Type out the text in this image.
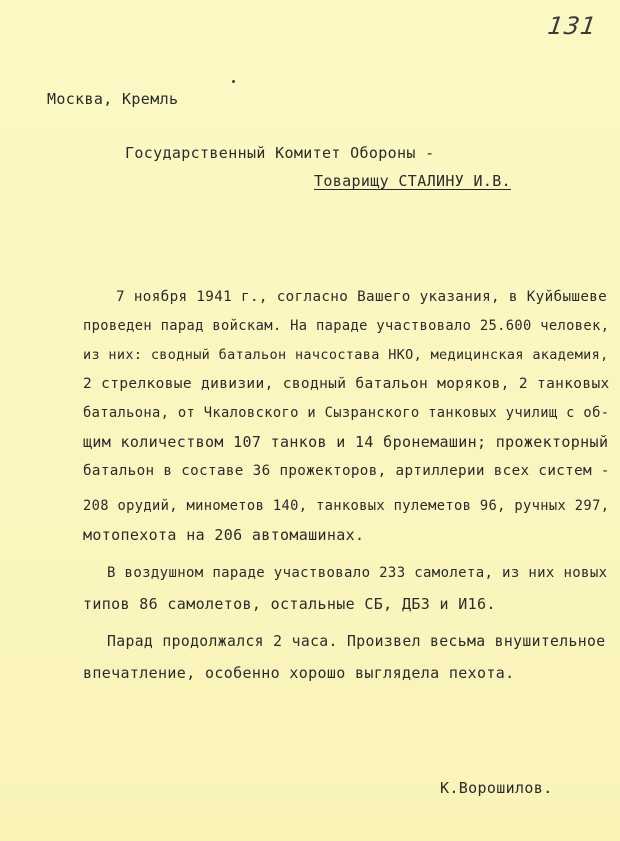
131
Москва, Кремль
Государственный Комитет Обороны -
Товарищу СТАЛИНУ И.В.
7 ноября 1941 г., согласно Вашего указания, в Куйбышеве
проведен парад войскам. На параде участвовало 25.600 человек,
из них: сводный батальон начсостава НКО, медицинская академия,
2 стрелковые дивизии, сводный батальон моряков, 2 танковых
батальона, от Чкаловского и Сызранского танковых училищ с об-
щим количеством 107 танков и 14 бронемашин; прожекторный
батальон в составе 36 прожекторов, артиллерии всех систем -
208 орудий, минометов 140, танковых пулеметов 96, ручных 297,
мотопехота на 206 автомашинах.
В воздушном параде участвовало 233 самолета, из них новых
типов 86 самолетов, остальные СБ, ДБ3 и И16.
Парад продолжался 2 часа. Произвел весьма внушительное
впечатление, особенно хорошо выглядела пехота.
К.Ворошилов.
